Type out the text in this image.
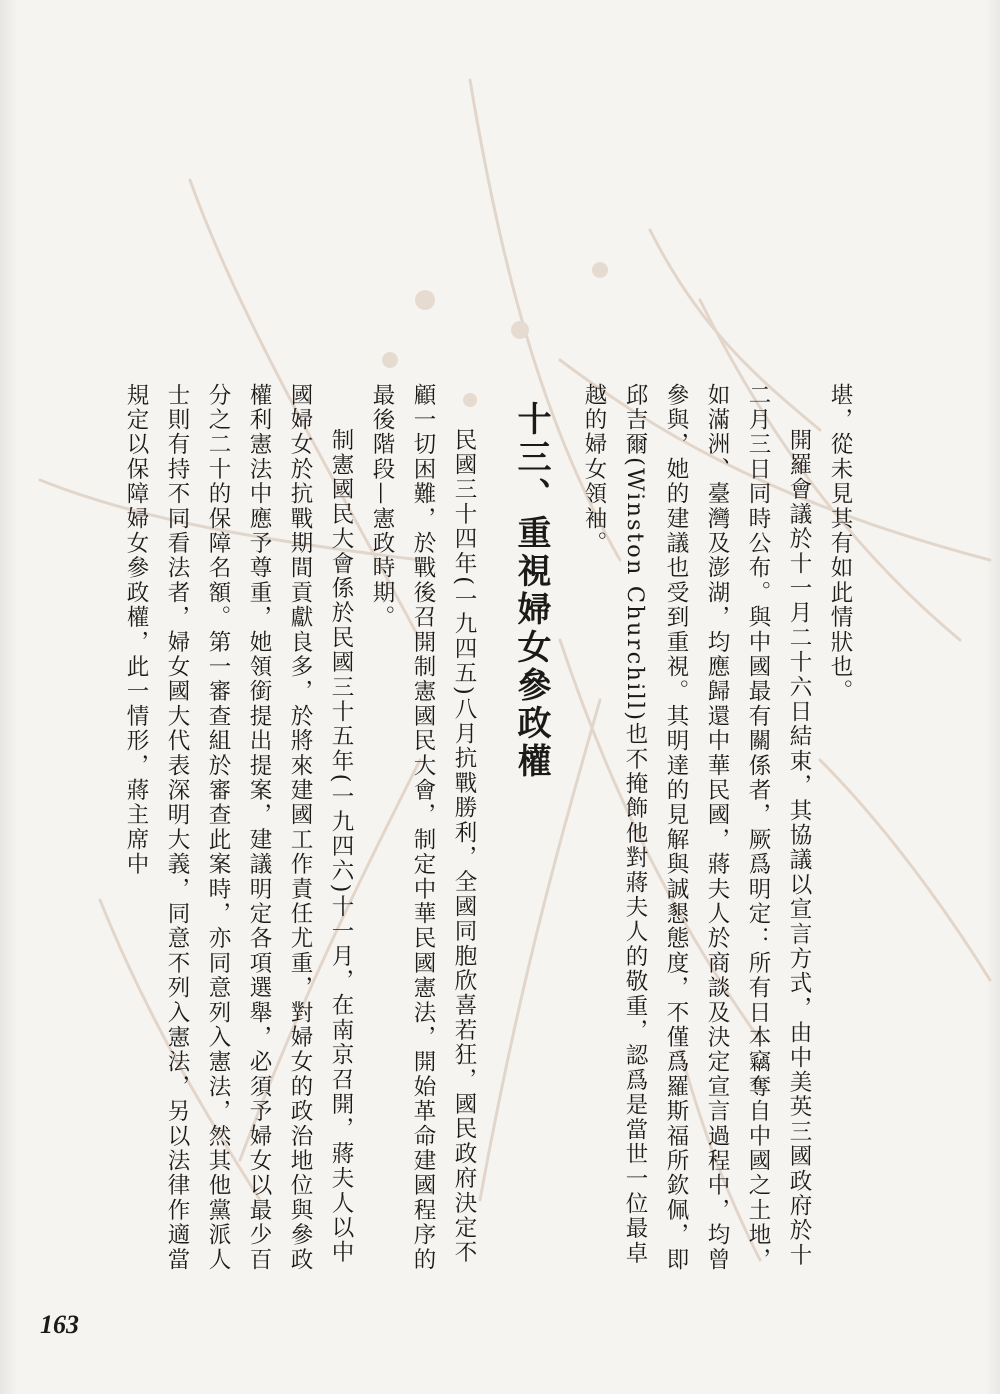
堪，從未見其有如此情狀也。

開羅會議於十一月二十六日結束，其協議以宣言方式，由中美英三國政府於十二月三日同時公布。與中國最有關係者，厥爲明定：所有日本竊奪自中國之土地，如滿洲、臺灣及澎湖，均應歸還中華民國，蔣夫人於商談及決定宣言過程中，均曾參與，她的建議也受到重視。其明達的見解與誠懇態度，不僅爲羅斯福所欽佩，即邱吉爾(Winston Churchill)也不掩飾他對蔣夫人的敬重，認爲是當世一位最卓越的婦女領袖。

十三、重視婦女參政權

民國三十四年(一九四五)八月抗戰勝利，全國同胞欣喜若狂，國民政府決定不顧一切困難，於戰後召開制憲國民大會，制定中華民國憲法，開始革命建國程序的最後階段—憲政時期。

制憲國民大會係於民國三十五年(一九四六)十一月，在南京召開，蔣夫人以中國婦女於抗戰期間貢獻良多，於將來建國工作責任尤重，對婦女的政治地位與參政權利憲法中應予尊重，她領銜提出提案，建議明定各項選舉，必須予婦女以最少百分之二十的保障名額。第一審查組於審查此案時，亦同意列入憲法，然其他黨派人士則有持不同看法者，婦女國大代表深明大義，同意不列入憲法，另以法律作適當規定以保障婦女參政權，此一情形，蔣主席中

163
